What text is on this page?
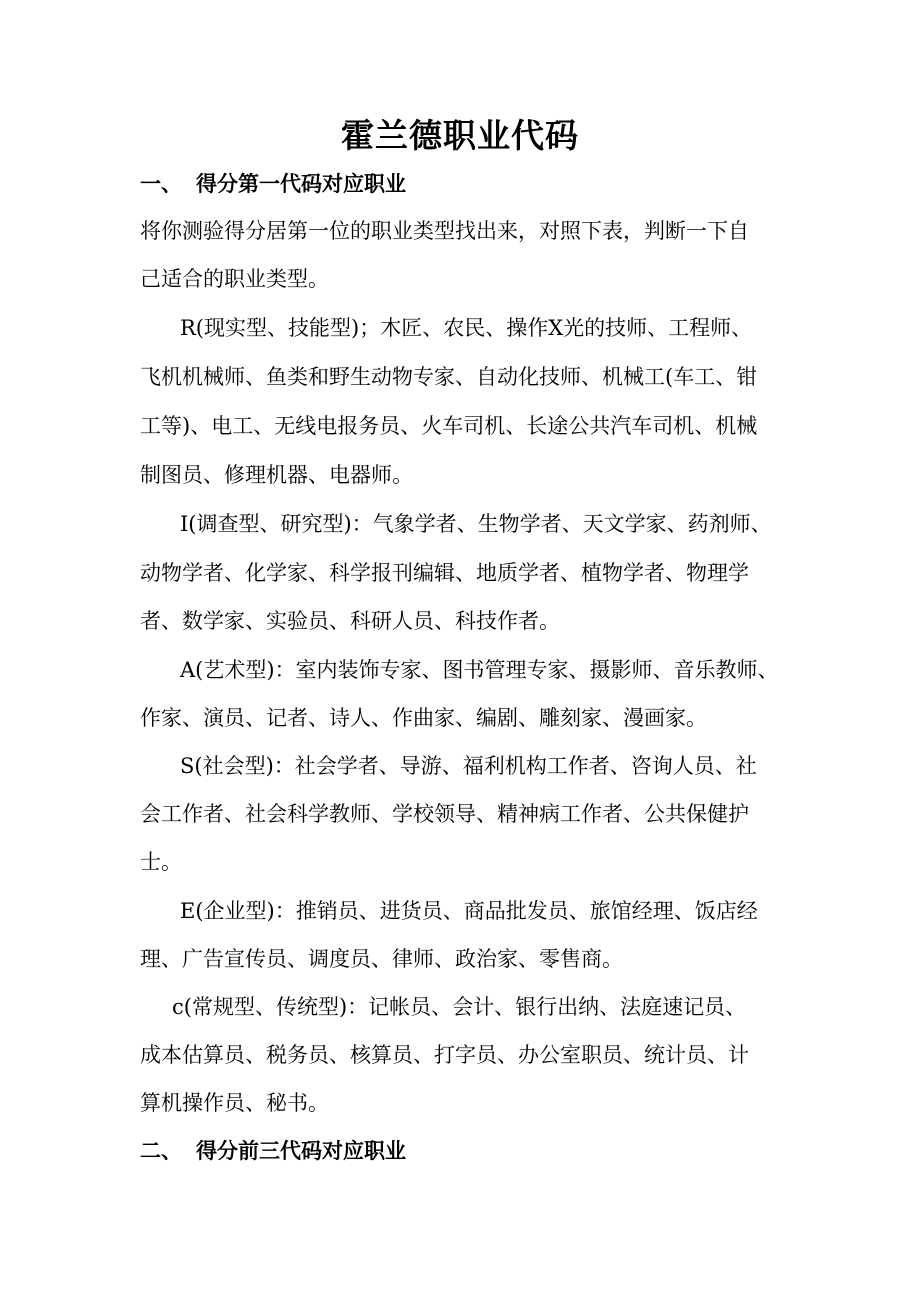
霍兰德职业代码
一、 得分第一代码对应职业
将你测验得分居第一位的职业类型找出来，对照下表，判断一下自
己适合的职业类型。
R(现实型、技能型)；木匠、农民、操作X光的技师、工程师、
飞机机械师、鱼类和野生动物专家、自动化技师、机械工(车工、钳
工等)、电工、无线电报务员、火车司机、长途公共汽车司机、机械
制图员、修理机器、电器师。
I(调查型、研究型)：气象学者、生物学者、天文学家、药剂师、
动物学者、化学家、科学报刊编辑、地质学者、植物学者、物理学
者、数学家、实验员、科研人员、科技作者。
A(艺术型)：室内装饰专家、图书管理专家、摄影师、音乐教师、
作家、演员、记者、诗人、作曲家、编剧、雕刻家、漫画家。
S(社会型)：社会学者、导游、福利机构工作者、咨询人员、社
会工作者、社会科学教师、学校领导、精神病工作者、公共保健护
士。
E(企业型)：推销员、进货员、商品批发员、旅馆经理、饭店经
理、广告宣传员、调度员、律师、政治家、零售商。
c(常规型、传统型)：记帐员、会计、银行出纳、法庭速记员、
成本估算员、税务员、核算员、打字员、办公室职员、统计员、计
算机操作员、秘书。
二、 得分前三代码对应职业
